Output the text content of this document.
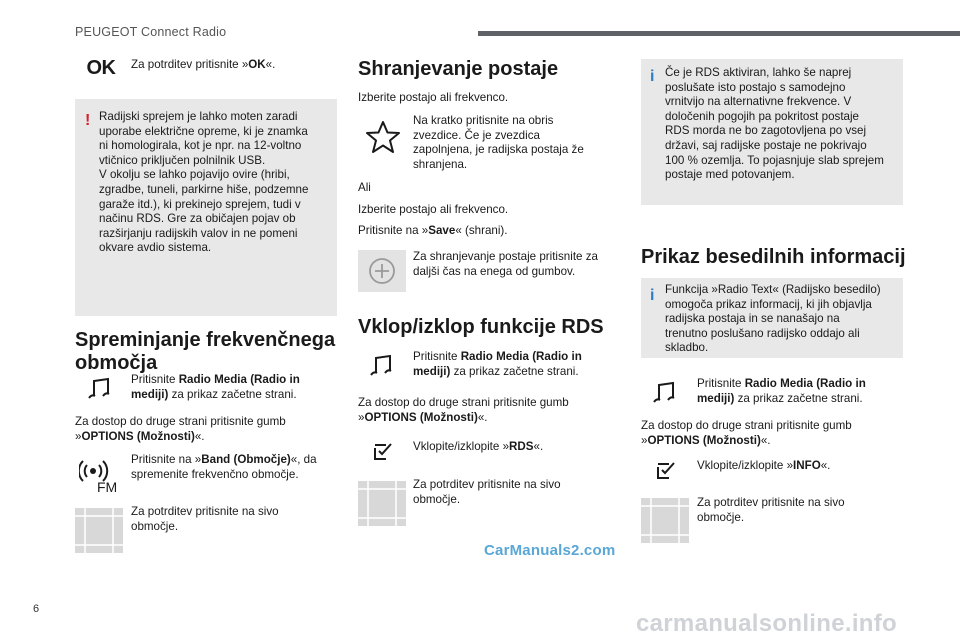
PEUGEOT Connect Radio
OK Za potrditev pritisnite »OK«.
! Radijski sprejem je lahko moten zaradi
uporabe električne opreme, ki je znamka
ni homologirala, kot je npr. na 12-voltno
vtičnico priključen polnilnik USB.
V okolju se lahko pojavijo ovire (hribi,
zgradbe, tuneli, parkirne hiše, podzemne
garaže itd.), ki prekinejo sprejem, tudi v
načinu RDS. Gre za običajen pojav ob
razširjanju radijskih valov in ne pomeni
okvare avdio sistema.
Spreminjanje frekvenčnega
območja
Pritisnite Radio Media (Radio in
mediji) za prikaz začetne strani.
Za dostop do druge strani pritisnite gumb
»OPTIONS (Možnosti)«.
FM
Pritisnite na »Band (Območje)«, da
spremenite frekvenčno območje.
Za potrditev pritisnite na sivo
območje.
Shranjevanje postaje
Izberite postajo ali frekvenco.
Na kratko pritisnite na obris
zvezdice. Če je zvezdica
zapolnjena, je radijska postaja že
shranjena.
Ali
Izberite postajo ali frekvenco.
Pritisnite na »Save« (shrani).
Za shranjevanje postaje pritisnite za
daljši čas na enega od gumbov.
Vklop/izklop funkcije RDS
Pritisnite Radio Media (Radio in
mediji) za prikaz začetne strani.
Za dostop do druge strani pritisnite gumb
»OPTIONS (Možnosti)«.
Vklopite/izklopite »RDS«.
Za potrditev pritisnite na sivo
območje.
i Če je RDS aktiviran, lahko še naprej
poslušate isto postajo s samodejno
vrnitvijo na alternativne frekvence. V
določenih pogojih pa pokritost postaje
RDS morda ne bo zagotovljena po vsej
državi, saj radijske postaje ne pokrivajo
100 % ozemlja. To pojasnjuje slab sprejem
postaje med potovanjem.
Prikaz besedilnih informacij
i Funkcija »Radio Text« (Radijsko besedilo)
omogoča prikaz informacij, ki jih objavlja
radijska postaja in se nanašajo na
trenutno poslušano radijsko oddajo ali
skladbo.
Pritisnite Radio Media (Radio in
mediji) za prikaz začetne strani.
Za dostop do druge strani pritisnite gumb
»OPTIONS (Možnosti)«.
Vklopite/izklopite »INFO«.
Za potrditev pritisnite na sivo
območje.
CarManuals2.com
6
carmanualsonline.info
